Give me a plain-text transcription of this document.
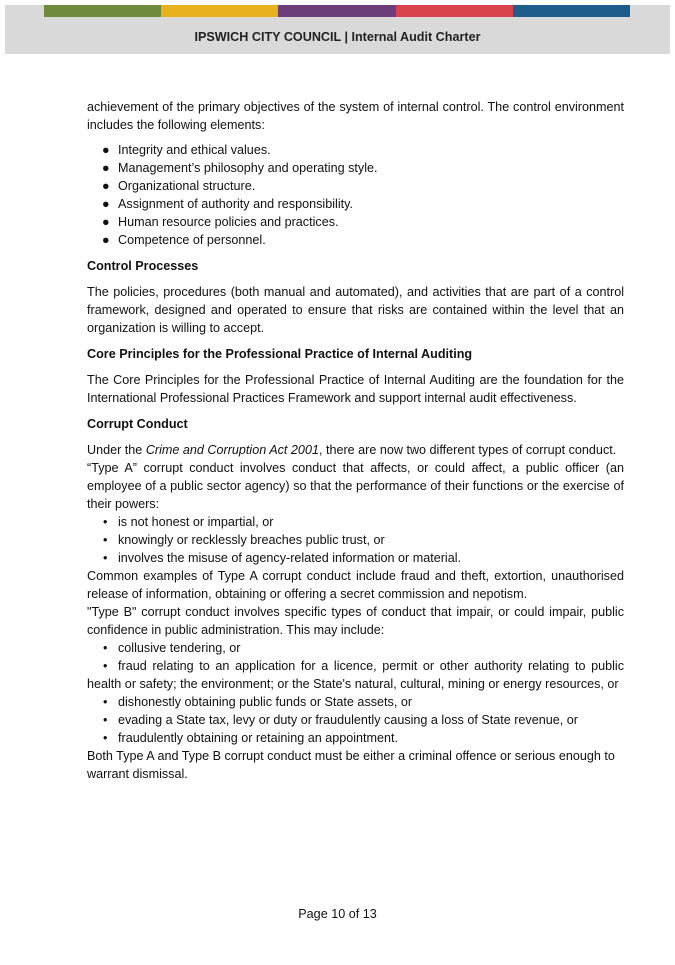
IPSWICH CITY COUNCIL | Internal Audit Charter

achievement of the primary objectives of the system of internal control. The control environment includes the following elements:

● Integrity and ethical values.
● Management’s philosophy and operating style.
● Organizational structure.
● Assignment of authority and responsibility.
● Human resource policies and practices.
● Competence of personnel.
Control Processes

The policies, procedures (both manual and automated), and activities that are part of a control framework, designed and operated to ensure that risks are contained within the level that an organization is willing to accept.

Core Principles for the Professional Practice of Internal Auditing

The Core Principles for the Professional Practice of Internal Auditing are the foundation for the International Professional Practices Framework and support internal audit effectiveness.

Corrupt Conduct

Under the Crime and Corruption Act 2001, there are now two different types of corrupt conduct.

“Type A” corrupt conduct involves conduct that affects, or could affect, a public officer (an employee of a public sector agency) so that the performance of their functions or the exercise of their powers:

• is not honest or impartial, or
• knowingly or recklessly breaches public trust, or
• involves the misuse of agency-related information or material.

Common examples of Type A corrupt conduct include fraud and theft, extortion, unauthorised release of information, obtaining or offering a secret commission and nepotism.

"Type B" corrupt conduct involves specific types of conduct that impair, or could impair, public confidence in public administration. This may include:

• collusive tendering, or

• fraud relating to an application for a licence, permit or other authority relating to public health or safety; the environment; or the State's natural, cultural, mining or energy resources, or

• dishonestly obtaining public funds or State assets, or
• evading a State tax, levy or duty or fraudulently causing a loss of State revenue, or
• fraudulently obtaining or retaining an appointment.

Both Type A and Type B corrupt conduct must be either a criminal offence or serious enough to warrant dismissal.

Page 10 of 13
